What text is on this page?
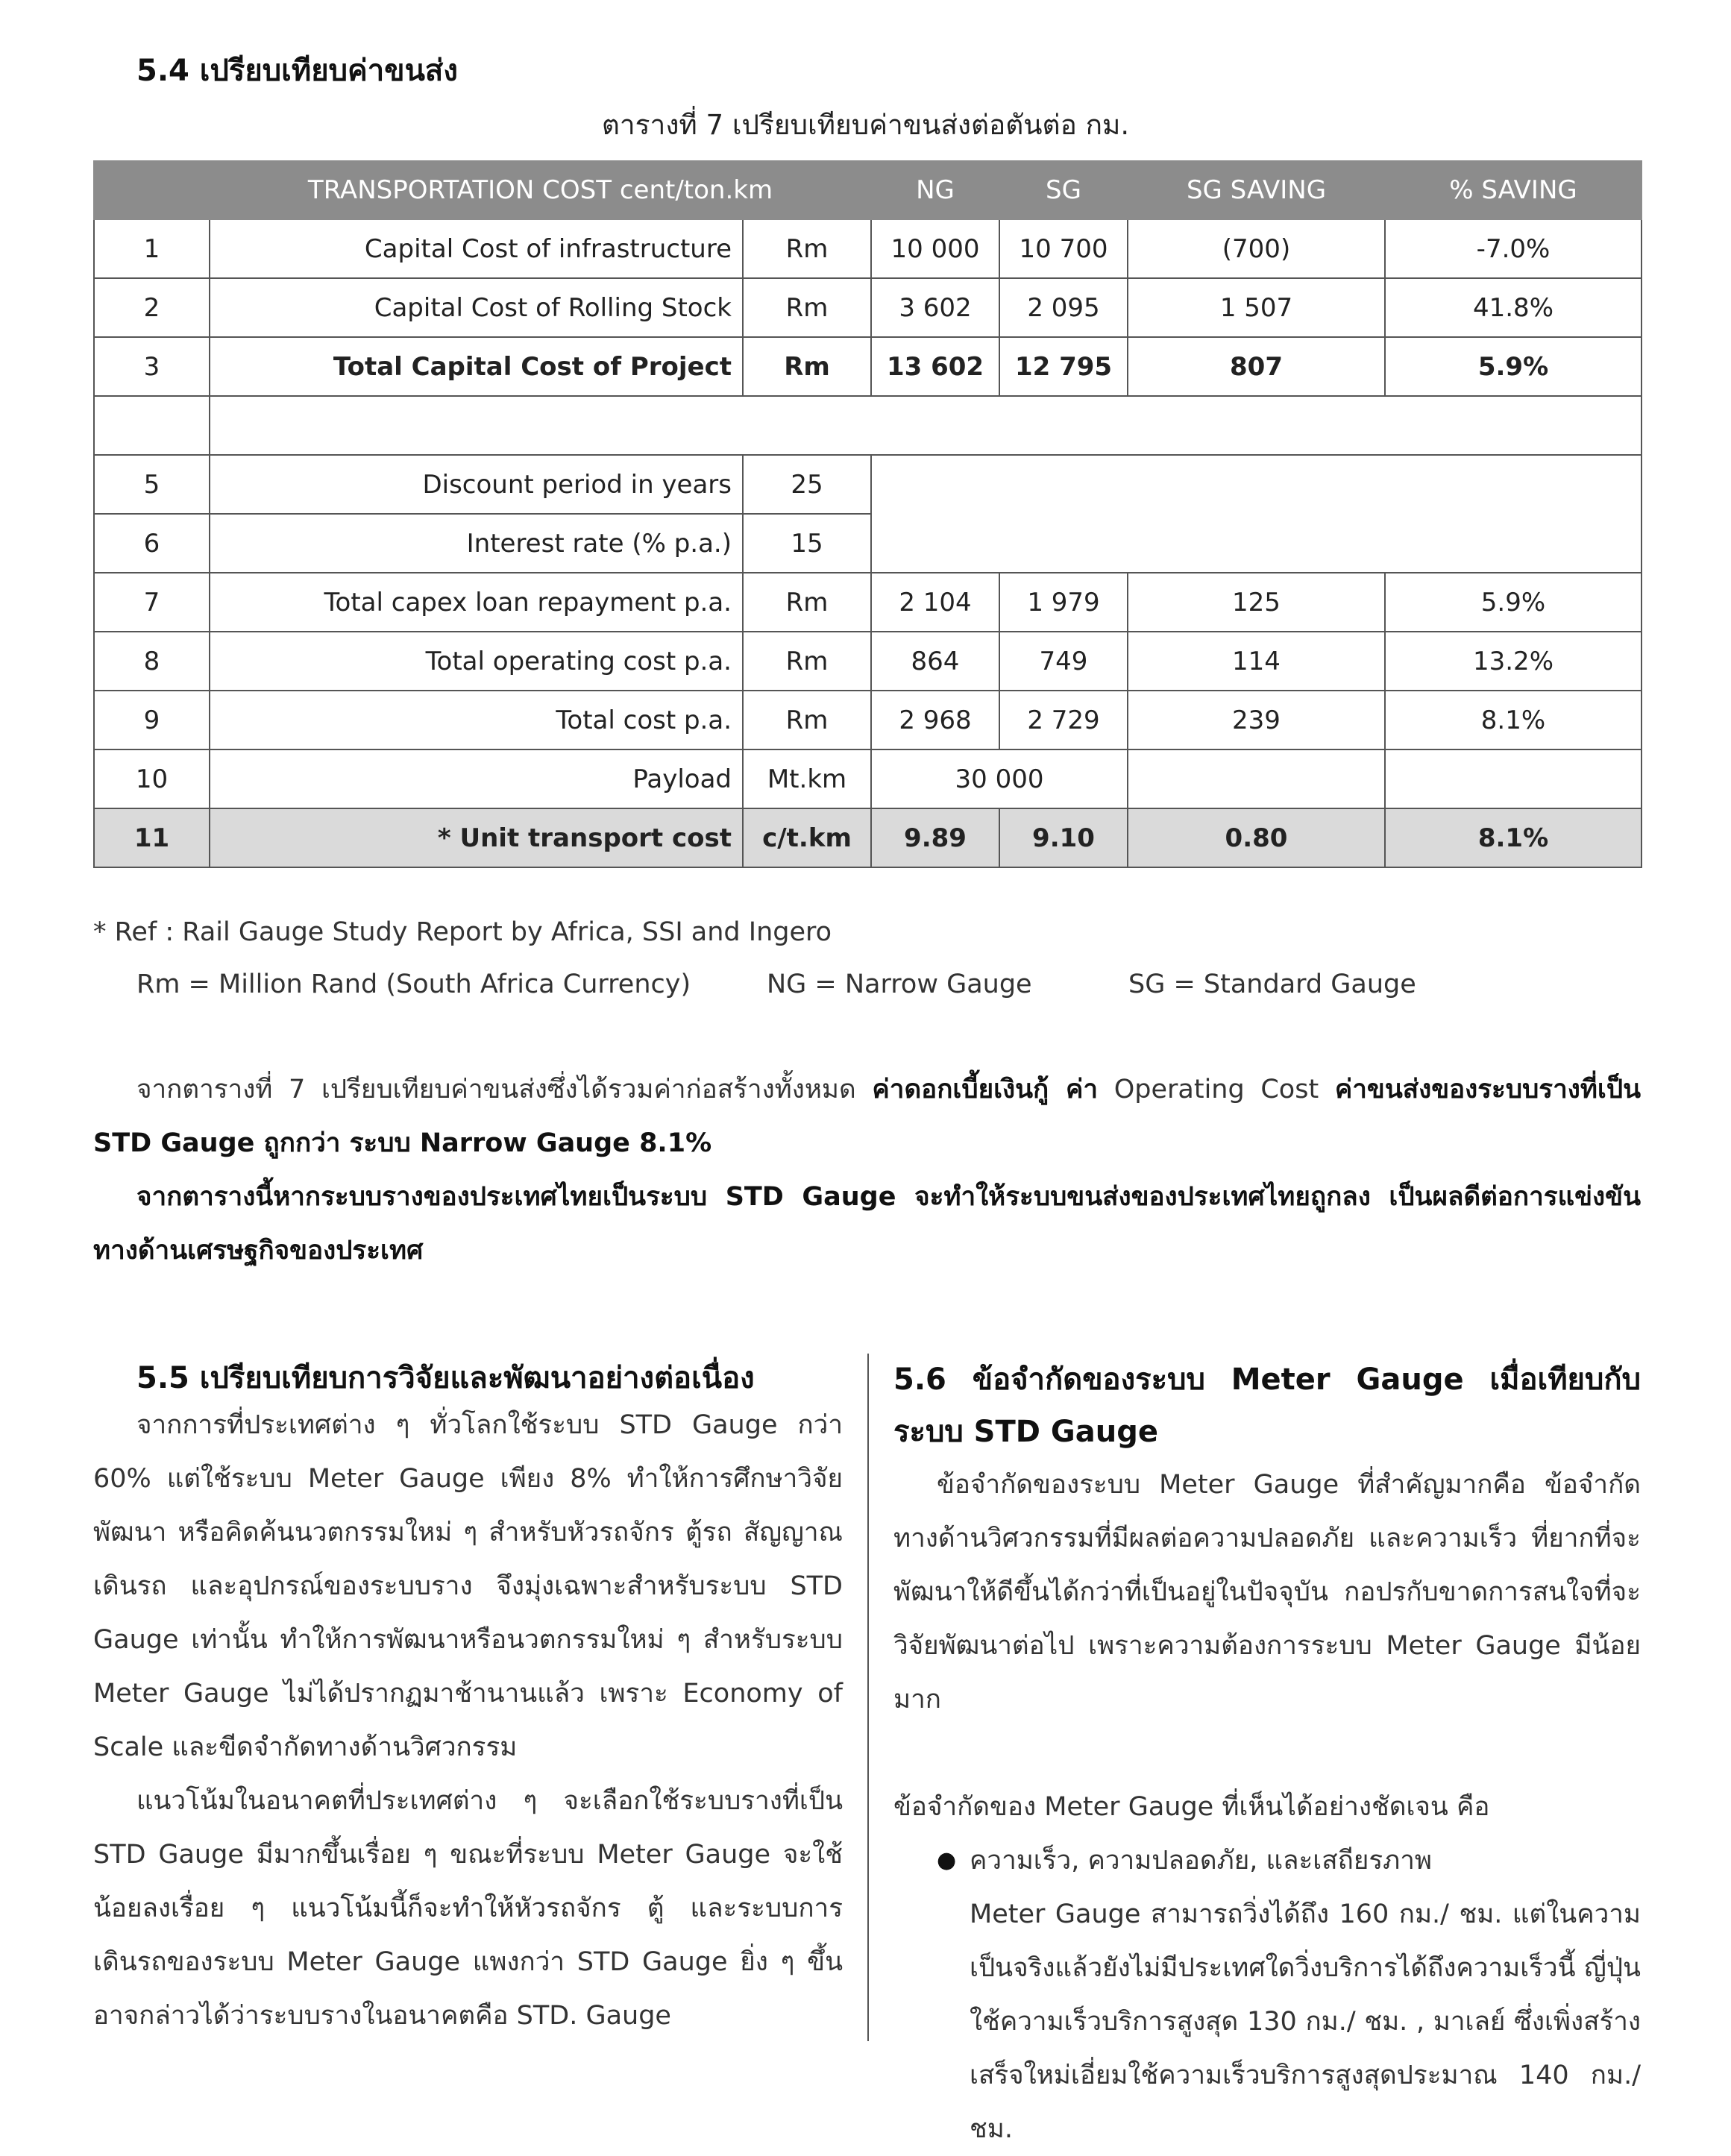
5.4 เปรียบเทียบค่าขนส่ง
ตารางที่ 7 เปรียบเทียบค่าขนส่งต่อตันต่อ กม.
	TRANSPORTATION COST cent/ton.km		NG	SG	SG SAVING	% SAVING
1	Capital Cost of infrastructure	Rm	10 000	10 700	(700)	-7.0%
2	Capital Cost of Rolling Stock	Rm	3 602	2 095	1 507	41.8%
3	Total Capital Cost of Project	Rm	13 602	12 795	807	5.9%

5	Discount period in years	25				
6	Interest rate (% p.a.)	15				
7	Total capex loan repayment p.a.	Rm	2 104	1 979	125	5.9%
8	Total operating cost p.a.	Rm	864	749	114	13.2%
9	Total cost p.a.	Rm	2 968	2 729	239	8.1%
10	Payload	Mt.km	30 000			
11	* Unit transport cost	c/t.km	9.89	9.10	0.80	8.1%
* Ref : Rail Gauge Study Report by Africa, SSI and Ingero
Rm = Million Rand (South Africa Currency)	NG = Narrow Gauge	SG = Standard Gauge
จากตารางที่ 7 เปรียบเทียบค่าขนส่งซึ่งได้รวมค่าก่อสร้างทั้งหมด ค่าดอกเบี้ยเงินกู้ ค่า Operating Cost ค่าขนส่งของระบบรางที่เป็น STD Gauge ถูกกว่า ระบบ Narrow Gauge 8.1%
จากตารางนี้หากระบบรางของประเทศไทยเป็นระบบ STD Gauge จะทำให้ระบบขนส่งของประเทศไทยถูกลง เป็นผลดีต่อการแข่งขันทางด้านเศรษฐกิจของประเทศ
5.5 เปรียบเทียบการวิจัยและพัฒนาอย่างต่อเนื่อง
จากการที่ประเทศต่าง ๆ ทั่วโลกใช้ระบบ STD Gauge กว่า 60% แต่ใช้ระบบ Meter Gauge เพียง 8% ทำให้การศึกษาวิจัย พัฒนา หรือคิดค้นนวตกรรมใหม่ ๆ สำหรับหัวรถจักร ตู้รถ สัญญาณเดินรถ และอุปกรณ์ของระบบราง จึงมุ่งเฉพาะสำหรับระบบ STD Gauge เท่านั้น ทำให้การพัฒนาหรือนวตกรรมใหม่ ๆ สำหรับระบบ Meter Gauge ไม่ได้ปรากฏมาช้านานแล้ว เพราะ Economy of Scale และขีดจำกัดทางด้านวิศวกรรม
แนวโน้มในอนาคตที่ประเทศต่าง ๆ จะเลือกใช้ระบบรางที่เป็น STD Gauge มีมากขึ้นเรื่อย ๆ ขณะที่ระบบ Meter Gauge จะใช้น้อยลงเรื่อย ๆ แนวโน้มนี้ก็จะทำให้หัวรถจักร ตู้ และระบบการเดินรถของระบบ Meter Gauge แพงกว่า STD Gauge ยิ่ง ๆ ขึ้น อาจกล่าวได้ว่าระบบรางในอนาคตคือ STD. Gauge
5.6 ข้อจำกัดของระบบ Meter Gauge เมื่อเทียบกับระบบ STD Gauge
ข้อจำกัดของระบบ Meter Gauge ที่สำคัญมากคือ ข้อจำกัดทางด้านวิศวกรรมที่มีผลต่อความปลอดภัย และความเร็ว ที่ยากที่จะพัฒนาให้ดีขึ้นได้กว่าที่เป็นอยู่ในปัจจุบัน กอปรกับขาดการสนใจที่จะวิจัยพัฒนาต่อไป เพราะความต้องการระบบ Meter Gauge มีน้อยมาก
ข้อจำกัดของ Meter Gauge ที่เห็นได้อย่างชัดเจน คือ
● ความเร็ว, ความปลอดภัย, และเสถียรภาพ
Meter Gauge สามารถวิ่งได้ถึง 160 กม./ ชม. แต่ในความเป็นจริงแล้วยังไม่มีประเทศใดวิ่งบริการได้ถึงความเร็วนี้ ญี่ปุ่นใช้ความเร็วบริการสูงสุด 130 กม./ ชม. , มาเลย์ ซึ่งเพิ่งสร้างเสร็จใหม่เอี่ยมใช้ความเร็วบริการสูงสุดประมาณ 140 กม./ ชม.
